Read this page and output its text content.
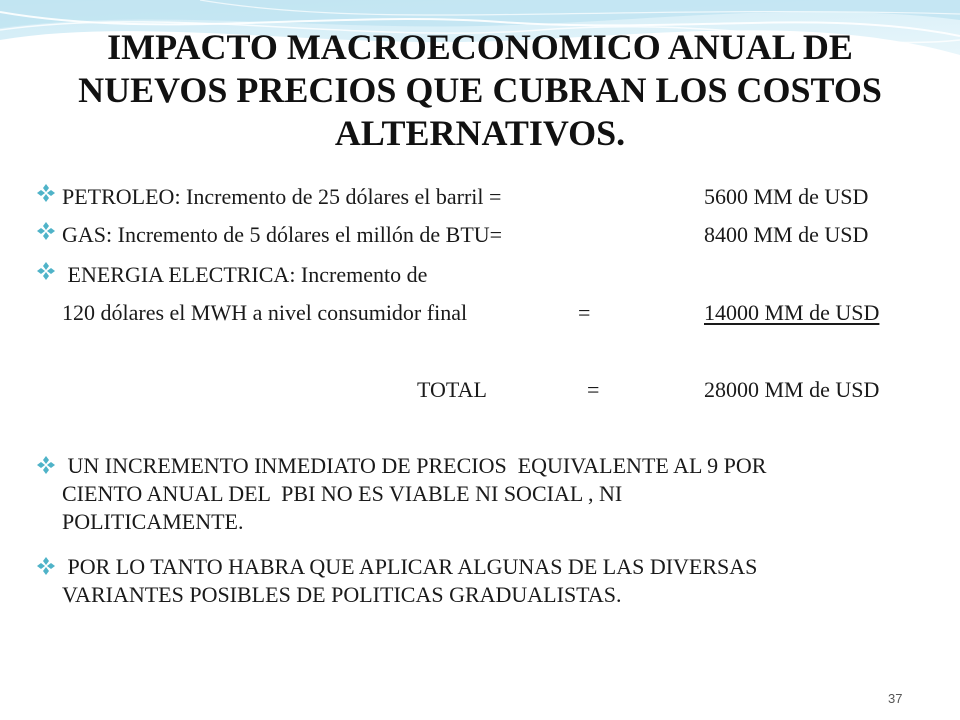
IMPACTO MACROECONOMICO ANUAL DE
NUEVOS PRECIOS QUE CUBRAN LOS COSTOS
ALTERNATIVOS.
PETROLEO: Incremento de 25 dólares el barril =	5600 MM de USD
GAS: Incremento de 5 dólares el millón de BTU=	8400 MM de USD
ENERGIA ELECTRICA: Incremento de
120 dólares el MWH a nivel consumidor final	=	14000 MM de USD
TOTAL	=	28000 MM de USD
UN INCREMENTO INMEDIATO DE PRECIOS  EQUIVALENTE AL 9 POR
CIENTO ANUAL DEL  PBI NO ES VIABLE NI SOCIAL , NI
POLITICAMENTE.
POR LO TANTO HABRA QUE APLICAR ALGUNAS DE LAS DIVERSAS
VARIANTES POSIBLES DE POLITICAS GRADUALISTAS.
37
